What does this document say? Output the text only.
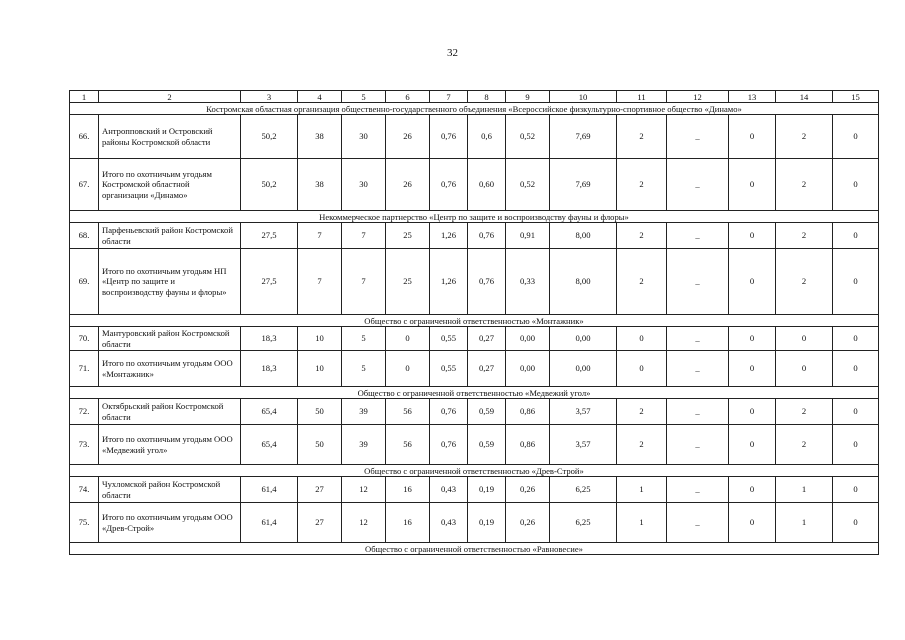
32
1	2	3	4	5	6	7	8	9	10	11	12	13	14	15
Костромская областная организация общественно-государственного объединения «Всероссийское физкультурно-спортивное общество «Динамо»														
66.	Антропповский и Островский районы Костромской области	50,2	38	30	26	0,76	0,6	0,52	7,69	2	_	0	2	0
67.	Итого по охотничьим угодьям Костромской областной организации «Динамо»	50,2	38	30	26	0,76	0,60	0,52	7,69	2	_	0	2	0
Некоммерческое партнерство «Центр по защите и воспроизводству фауны и флоры»														
68.	Парфеньевский район Костромской области	27,5	7	7	25	1,26	0,76	0,91	8,00	2	_	0	2	0
69.	Итого по охотничьим угодьям НП «Центр по защите и воспроизводству фауны и флоры»	27,5	7	7	25	1,26	0,76	0,33	8,00	2	_	0	2	0
Общество с ограниченной ответственностью «Монтажник»														
70.	Мантуровский район Костромской области	18,3	10	5	0	0,55	0,27	0,00	0,00	0	_	0	0	0
71.	Итого по охотничьим угодьям ООО «Монтажник»	18,3	10	5	0	0,55	0,27	0,00	0,00	0	_	0	0	0
Общество с ограниченной ответственностью «Медвежий угол»														
72.	Октябрьский район Костромской области	65,4	50	39	56	0,76	0,59	0,86	3,57	2	_	0	2	0
73.	Итого по охотничьим угодьям ООО «Медвежий угол»	65,4	50	39	56	0,76	0,59	0,86	3,57	2	_	0	2	0
Общество с ограниченной ответственностью «Древ-Строй»														
74.	Чухломской район Костромской области	61,4	27	12	16	0,43	0,19	0,26	6,25	1	_	0	1	0
75.	Итого по охотничьим угодьям ООО «Древ-Строй»	61,4	27	12	16	0,43	0,19	0,26	6,25	1	_	0	1	0
Общество с ограниченной ответственностью «Равновесие»														
